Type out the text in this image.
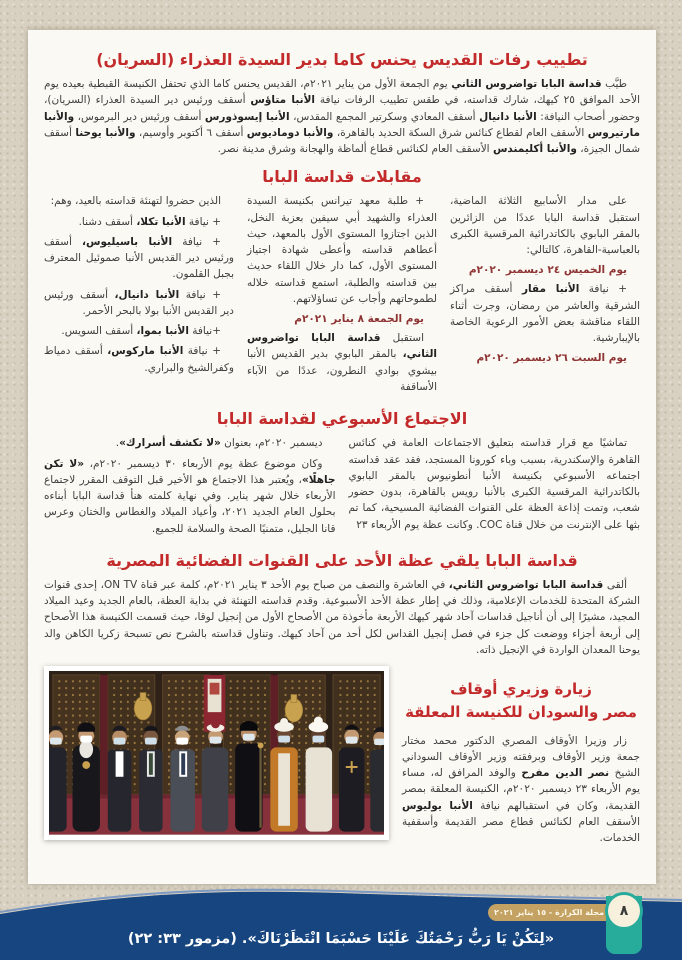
تطييب رفات القديس يحنس كاما بدير السيدة العذراء (السريان)

طيَّب قداسة البابا تواضروس الثاني يوم الجمعة الأول من يناير ٢٠٢١م، القديس يحنس كاما الذي تحتفل الكنيسة القبطية بعيده يوم الأحد الموافق ٢٥ كيهك، شارك قداسته، في طقس تطييب الرفات نيافة الأنبا متاؤس أسقف ورئيس دير السيدة العذراء (السريان)، وحضور أصحاب النيافة: الأنبا دانيال أسقف المعادي وسكرتير المجمع المقدس، الأنبا إيسوذورس أسقف ورئيس دير البرموس، والأنبا مارتيروس الأسقف العام لقطاع كنائس شرق السكة الحديد بالقاهرة، والأنبا دوماديوس أسقف ٦ أكتوبر وأوسيم، والأنبا يوحنا أسقف شمال الجيزة، والأنبا أكليمندس الأسقف العام لكنائس قطاع ألماظة والهجانة وشرق مدينة نصر.

مقابلات قداسة البابا

على مدار الأسابيع الثلاثة الماضية، استقبل قداسة البابا عددًا من الزائرين بالمقر البابوي بالكاتدرائية المرقسية الكبرى بالعباسية-القاهرة، كالتالي:

يوم الخميس ٢٤ ديسمبر ٢٠٢٠م

+ نيافة الأنبا مقار أسقف مراكز الشرقية والعاشر من رمضان، وجرت أثناء اللقاء مناقشة بعض الأمور الرعوية الخاصة بالإيبارشية.

يوم السبت ٢٦ ديسمبر ٢٠٢٠م

+ طلبة معهد تيرانس بكنيسة السيدة العذراء والشهيد أبي سيفين بعزبة النخل، الذين اجتازوا المستوى الأول بالمعهد، حيث أعطاهم قداسته وأعطى شهادة اجتياز المستوى الأول، كما دار خلال اللقاء حديث بين قداسته والطلبة، استمع قداسته خلاله لطموحاتهم وأجاب عن تساؤلاتهم.

يوم الجمعة ٨ يناير ٢٠٢١م

استقبل قداسة البابا تواضروس الثاني، بالمقر البابوي بدير القديس الأنبا بيشوي بوادي النطرون، عددًا من الآباء الأساقفة

الذين حضروا لتهنئة قداسته بالعيد، وهم:

+ نيافة الأنبا تكلا، أسقف دشنا.

+ نيافة الأنبا باسيليوس، أسقف ورئيس دير القديس الأنبا صموئيل المعترف بجبل القلمون.

+ نيافة الأنبا دانيال، أسقف ورئيس دير القديس الأنبا بولا بالبحر الأحمر.

+نيافة الأنبا بموا، أسقف السويس.

+ نيافة الأنبا ماركوس، أسقف دمياط وكفرالشيخ والبراري.

الاجتماع الأسبوعي لقداسة البابا

تماشيًا مع قرار قداسته بتعليق الاجتماعات العامة في كنائس القاهرة والإسكندرية، بسبب وباء كورونا المستجد، فقد عقد قداسته اجتماعه الأسبوعي بكنيسة الأنبا أنطونيوس بالمقر البابوي بالكاتدرائية المرقسية الكبرى بالأنبا رويس بالقاهرة، بدون حضور شعب، وتمت إذاعة العظة على القنوات الفضائية المسيحية، كما تم بثها على الإنترنت من خلال قناة COC. وكانت عظة يوم الأربعاء ٢٣

ديسمبر ٢٠٢٠م، بعنوان «لا تكشف أسرارك».

وكان موضوع عظة يوم الأربعاء ٣٠ ديسمبر ٢٠٢٠م، «لا تكن جاهلًا»، ويُعتبر هذا الاجتماع هو الأخير قبل التوقف المقرر لاجتماع الأربعاء خلال شهر يناير. وفي نهاية كلمته هنأ قداسة البابا أبناءه بحلول العام الجديد ٢٠٢١، وأعياد الميلاد والغطاس والختان وعرس قانا الجليل، متمنيًا الصحة والسلامة للجميع.

قداسة البابا يلقي عظة الأحد على القنوات الفضائية المصرية

ألقى قداسة البابا تواضروس الثاني، في العاشرة والنصف من صباح يوم الأحد ٣ يناير ٢٠٢١م، كلمة عبر قناة ON TV، إحدى قنوات الشركة المتحدة للخدمات الإعلامية، وذلك في إطار عظة الأحد الأسبوعية. وقدم قداسته التهنئة في بداية العظة، بالعام الجديد وعيد الميلاد المجيد، مشيرًا إلى أن أناجيل قداسات آحاد شهر كيهك الأربعة مأخوذة من الأصحاح الأول من إنجيل لوقا، حيث قسمت الكنيسة هذا الأصحاح إلى أربعة أجزاء ووضعت كل جزء في فصل إنجيل القداس لكل أحد من آحاد كيهك. وتناول قداسته بالشرح نص تسبحة زكريا الكاهن والد يوحنا المعدان الواردة في الإنجيل ذاته.

زيارة وزيري أوقاف
مصر والسودان للكنيسة المعلقة

زار وزيرا الأوقاف المصري الدكتور محمد مختار جمعة وزير الأوقاف وبرفقته وزير الأوقاف السوداني الشيخ نصر الدين مفرح والوفد المرافق له، مساء يوم الأربعاء ٢٣ ديسمبر ٢٠٢٠م، الكنيسة المعلقة بمصر القديمة، وكان في استقبالهم نيافة الأنبا يوليوس الأسقف العام لكنائس قطاع مصر القديمة وأسقفية الخدمات.

«لِتَكُنْ يَا رَبُّ رَحْمَتُكَ عَلَيْنَا حَسْبَمَا انْتَظَرْنَاكَ». (مزمور ٣٣: ٢٢)
مجلة الكرازة - ١٥ يناير ٢٠٢١	٨
